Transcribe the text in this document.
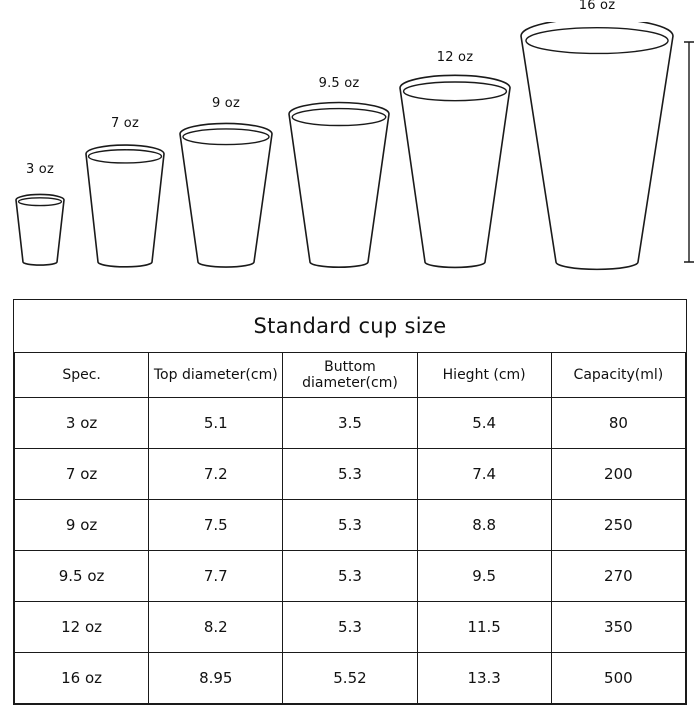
3 oz
7 oz
9 oz
9.5 oz
12 oz
16 oz
Standard cup size				
Spec.	Top diameter(cm)	Buttom diameter(cm)	Hieght (cm)	Capacity(ml)
3 oz	5.1	3.5	5.4	80
7 oz	7.2	5.3	7.4	200
9 oz	7.5	5.3	8.8	250
9.5 oz	7.7	5.3	9.5	270
12 oz	8.2	5.3	11.5	350
16 oz	8.95	5.52	13.3	500
